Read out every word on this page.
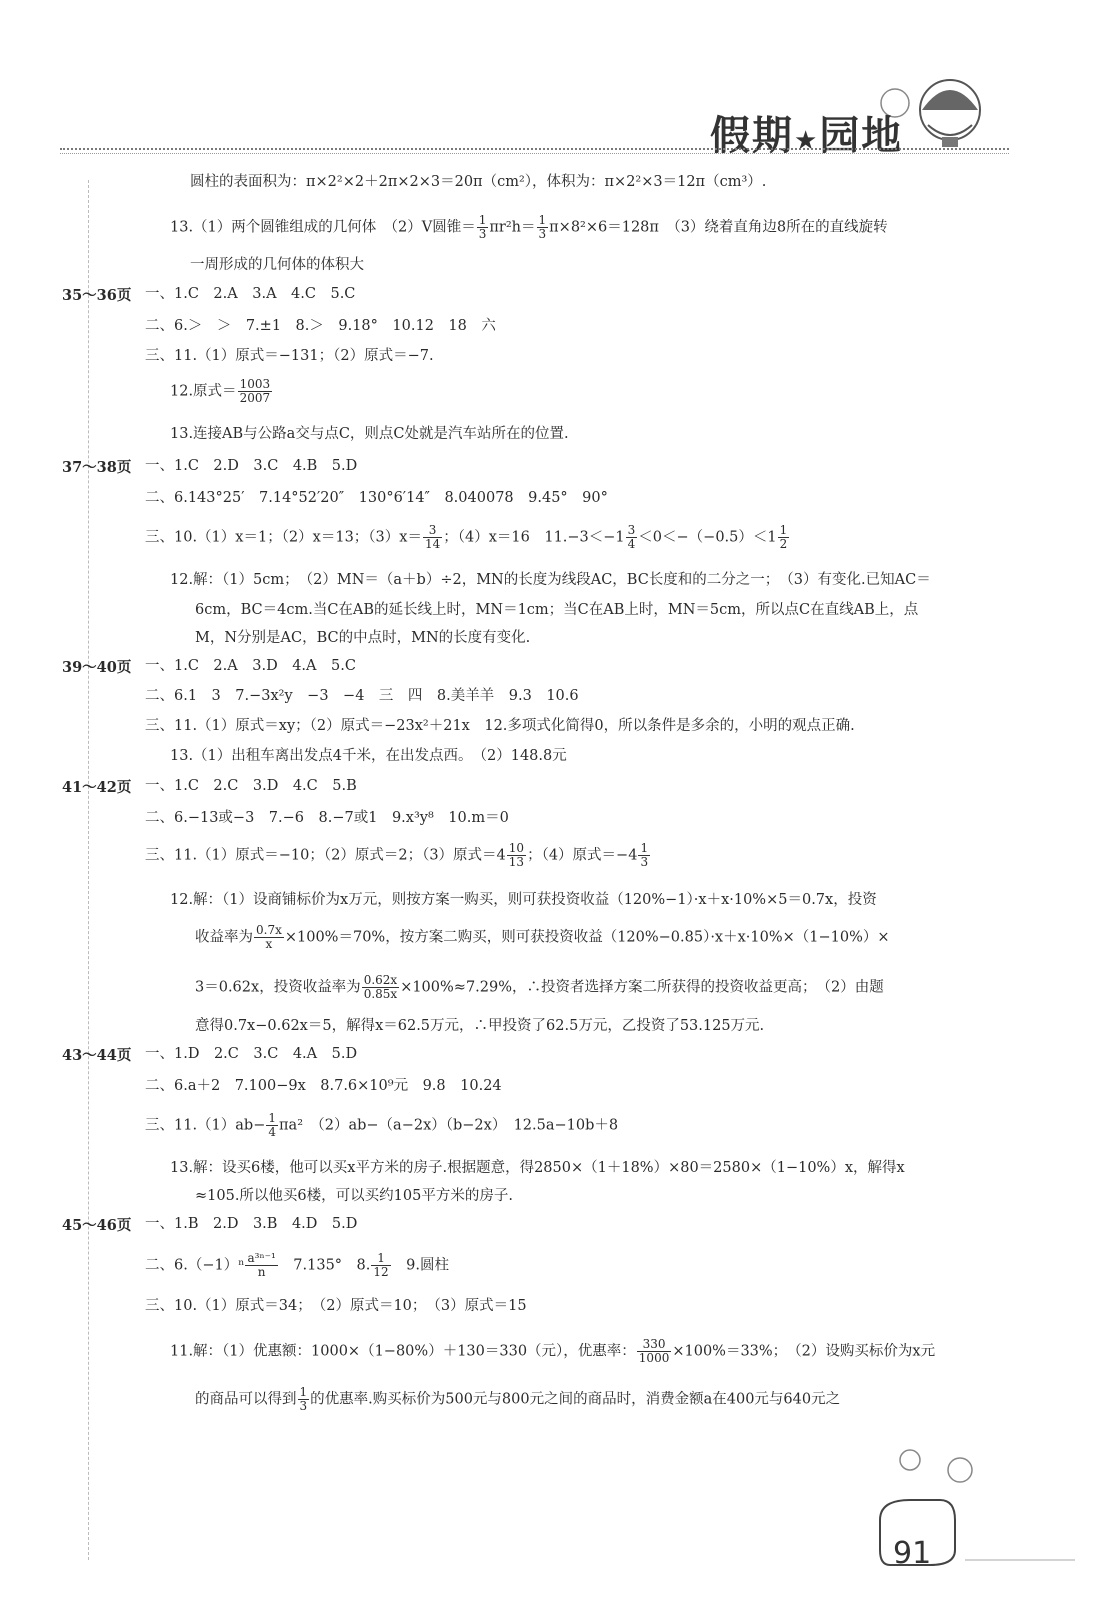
假期★园地
圆柱的表面积为：π×2²×2＋2π×2×3＝20π（cm²），体积为：π×2²×3＝12π（cm³）.
13.（1）两个圆锥组成的几何体　（2）V圆锥＝ $\frac{1}{3} \pi r^2h= \frac{1}{3} \pi\times 8^2\times 6=128\pi$　（3）绕着直角边8所在的直线旋转
一周形成的几何体的体积大
35～36页 一、1.C　2.A　3.A　4.C　5.C
二、6.＞　＞　7.±1　8.＞　9.18°　10.12　18　六
三、11.（1）原式＝−131；（2）原式＝−7.
12.原式＝ $\frac{1003}{2007}$
13.连接AB与公路a交与点C，则点C处就是汽车站所在的位置.
37～38页 一、1.C　2.D　3.C　4.B　5.D
二、6.143°25′　7.14°52′20″　130°6′14″　8.040078　9.45°　90°
三、10.（1）x＝1；（2）x＝13；$(3)x= \frac{3}{14}$ ；（4）x＝16　$11.-3<-1 \frac{3}{4} <0<-(-0.5)<1 \frac{1}{2}$
12.解：（1）5cm；　（2）MN＝（a＋b）÷2，MN的长度为线段AC，BC长度和的二分之一；　（3）有变化.已知AC＝
6cm，BC＝4cm.当C在AB的延长线上时，MN＝1cm；当C在AB上时，MN＝5cm，所以点C在直线AB上，点
M，N分别是AC，BC的中点时，MN的长度有变化.
39～40页 一、1.C　2.A　3.D　4.A　5.C
二、6.1　3　7.−3x²y　−3　−4　三　四　8.美羊羊　9.3　10.6
三、11.（1）原式＝xy；（2）原式＝−23x²＋21x　12.多项式化简得0，所以条件是多余的，小明的观点正确.
13.（1）出租车离出发点4千米，在出发点西。　（2）148.8元
41～42页 一、1.C　2.C　3.D　4.C　5.B
二、6.−13或−3　7.−6　8.−7或1　9.x³y⁸　10.m＝0
三、11.（1）原式＝−10；（2）原式＝2；（3）原式$=4 \frac{10}{13}$ ；（4）原式$=-4 \frac{1}{3}$
12.解：（1）设商铺标价为x万元，则按方案一购买，则可获投资收益（120%−1）·x＋x·10%×5＝0.7x，投资
收益率为 $\frac{0.7x}{x} \times 100\%=70\%$，按方案二购买，则可获投资收益（120%−0.85）·x＋x·10%×（1−10%）×
3＝0.62x，投资收益率为 $\frac{0.62x}{0.85x} \times 100\%\approx 7.29\%$，∴投资者选择方案二所获得的投资收益更高；　（2）由题
意得0.7x−0.62x＝5，解得x＝62.5万元，∴甲投资了62.5万元，乙投资了53.125万元.
43～44页 一、1.D　2.C　3.C　4.A　5.D
二、6.a＋2　7.100−9x　8.7.6×10⁹元　9.8　10.24
三、$11.(1)ab- \frac{1}{4} \pi a^2$　（2）ab−（a−2x）（b−2x）　12.5a−10b＋8
13.解：设买6楼，他可以买x平方米的房子.根据题意，得2850×（1＋18%）×80＝2580×（1−10%）x，解得x
≈105.所以他买6楼，可以买约105平方米的房子.
45～46页 一、1.B　2.D　3.B　4.D　5.D
二、$6.(-1)^n \frac{\text{a³ⁿ⁻¹}}{n}$ 　7.135°　8. $\frac{1}{12}$ 　9.圆柱
三、10.（1）原式＝34；　（2）原式＝10；　（3）原式＝15
11.解：（1）优惠额：1000×（1−80%）＋130＝330（元），优惠率： $\frac{330}{1000} \times 100\%=33\%$；　（2）设购买标价为x元
的商品可以得到 $\frac{1}{3}$ 的优惠率.购买标价为500元与800元之间的商品时，消费金额a在400元与640元之
91
